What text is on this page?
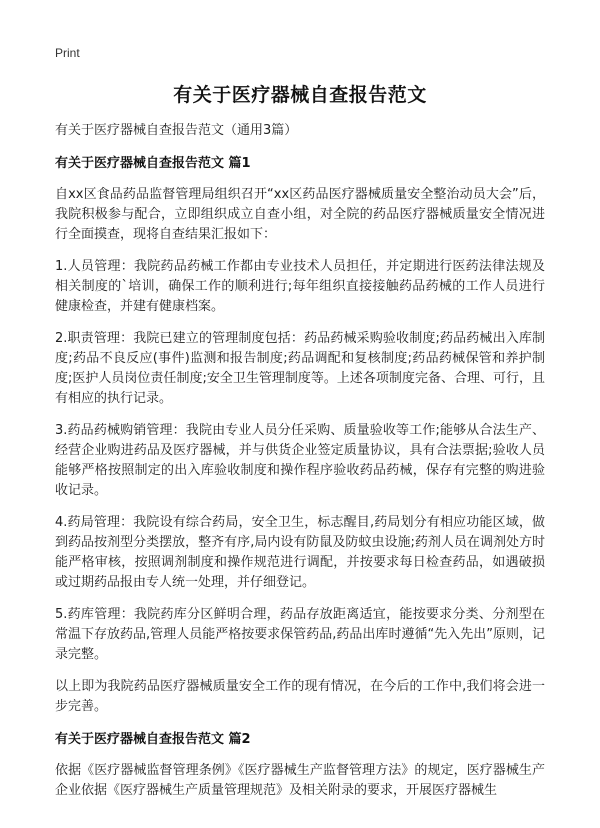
Print
有关于医疗器械自查报告范文
有关于医疗器械自查报告范文（通用3篇）
有关于医疗器械自查报告范文 篇1

自xx区食品药品监督管理局组织召开“xx区药品医疗器械质量安全整治动员大会”后，我院积极参与配合，立即组织成立自查小组，对全院的药品医疗器械质量安全情况进行全面摸查，现将自查结果汇报如下：

1.人员管理：我院药品药械工作都由专业技术人员担任，并定期进行医药法律法规及相关制度的`培训，确保工作的顺利进行;每年组织直接接触药品药械的工作人员进行健康检查，并建有健康档案。

2.职责管理：我院已建立的管理制度包括：药品药械采购验收制度;药品药械出入库制度;药品不良反应(事件)监测和报告制度;药品调配和复核制度;药品药械保管和养护制度;医护人员岗位责任制度;安全卫生管理制度等。上述各项制度完备、合理、可行，且有相应的执行记录。

3.药品药械购销管理：我院由专业人员分任采购、质量验收等工作;能够从合法生产、经营企业购进药品及医疗器械，并与供货企业签定质量协议，具有合法票据;验收人员能够严格按照制定的出入库验收制度和操作程序验收药品药械，保存有完整的购进验收记录。

4.药局管理：我院设有综合药局，安全卫生，标志醒目,药局划分有相应功能区域，做到药品按剂型分类摆放，整齐有序,局内设有防鼠及防蚊虫设施;药剂人员在调剂处方时能严格审核，按照调剂制度和操作规范进行调配，并按要求每日检查药品，如遇破损或过期药品报由专人统一处理，并仔细登记。

5.药库管理：我院药库分区鲜明合理，药品存放距离适宜，能按要求分类、分剂型在常温下存放药品,管理人员能严格按要求保管药品,药品出库时遵循“先入先出”原则，记录完整。

以上即为我院药品医疗器械质量安全工作的现有情况，在今后的工作中,我们将会进一步完善。

有关于医疗器械自查报告范文 篇2

依据《医疗器械监督管理条例》《医疗器械生产监督管理方法》的规定，医疗器械生产企业依据《医疗器械生产质量管理规范》及相关附录的要求，开展医疗器械生
